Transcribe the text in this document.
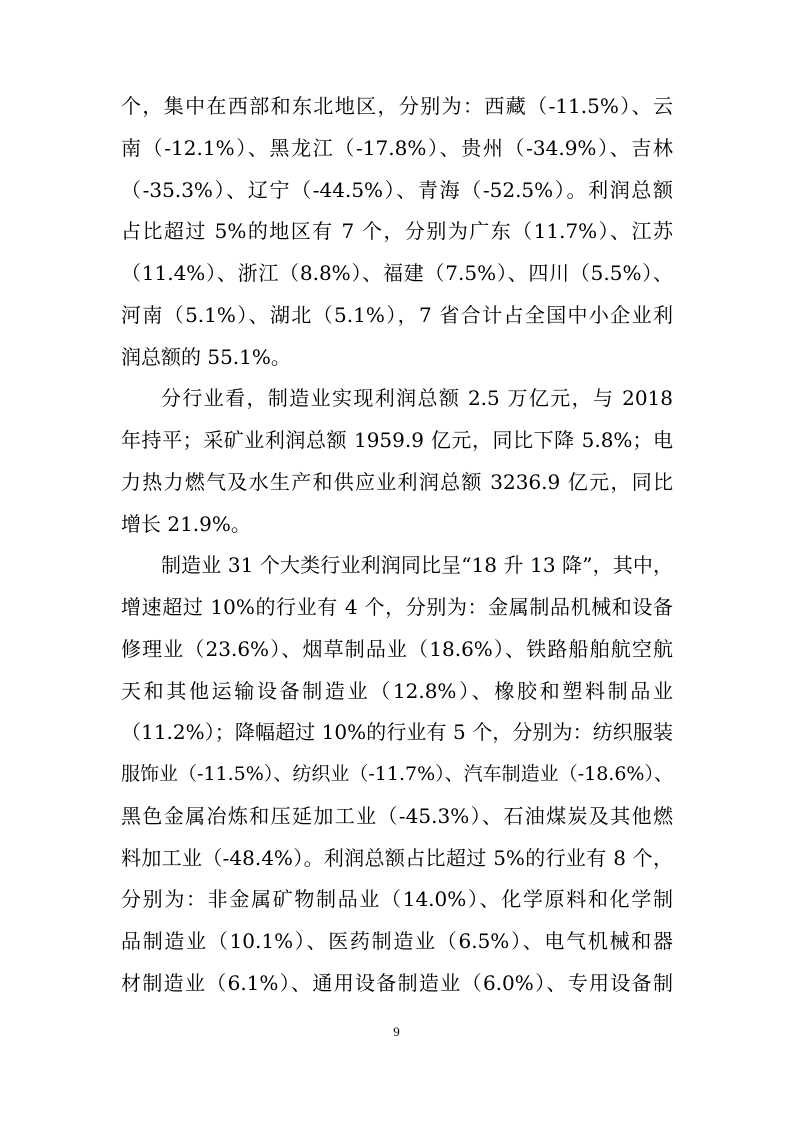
个，集中在西部和东北地区，分别为：西藏（-11.5%）、云
南（-12.1%）、黑龙江（-17.8%）、贵州（-34.9%）、吉林
（-35.3%）、辽宁（-44.5%）、青海（-52.5%）。利润总额
占比超过 5%的地区有 7 个，分别为广东（11.7%）、江苏
（11.4%）、浙江（8.8%）、福建（7.5%）、四川（5.5%）、
河南（5.1%）、湖北（5.1%），7 省合计占全国中小企业利
润总额的 55.1%。
分行业看，制造业实现利润总额 2.5 万亿元，与 2018
年持平；采矿业利润总额 1959.9 亿元，同比下降 5.8%；电
力热力燃气及水生产和供应业利润总额 3236.9 亿元，同比
增长 21.9%。
制造业 31 个大类行业利润同比呈“18 升 13 降”，其中，
增速超过 10%的行业有 4 个，分别为：金属制品机械和设备
修理业（23.6%）、烟草制品业（18.6%）、铁路船舶航空航
天和其他运输设备制造业（12.8%）、橡胶和塑料制品业
（11.2%）；降幅超过 10%的行业有 5 个，分别为：纺织服装
服饰业（-11.5%）、纺织业（-11.7%）、汽车制造业（-18.6%）、
黑色金属冶炼和压延加工业（-45.3%）、石油煤炭及其他燃
料加工业（-48.4%）。利润总额占比超过 5%的行业有 8 个，
分别为：非金属矿物制品业（14.0%）、化学原料和化学制
品制造业（10.1%）、医药制造业（6.5%）、电气机械和器
材制造业（6.1%）、通用设备制造业（6.0%）、专用设备制
9
